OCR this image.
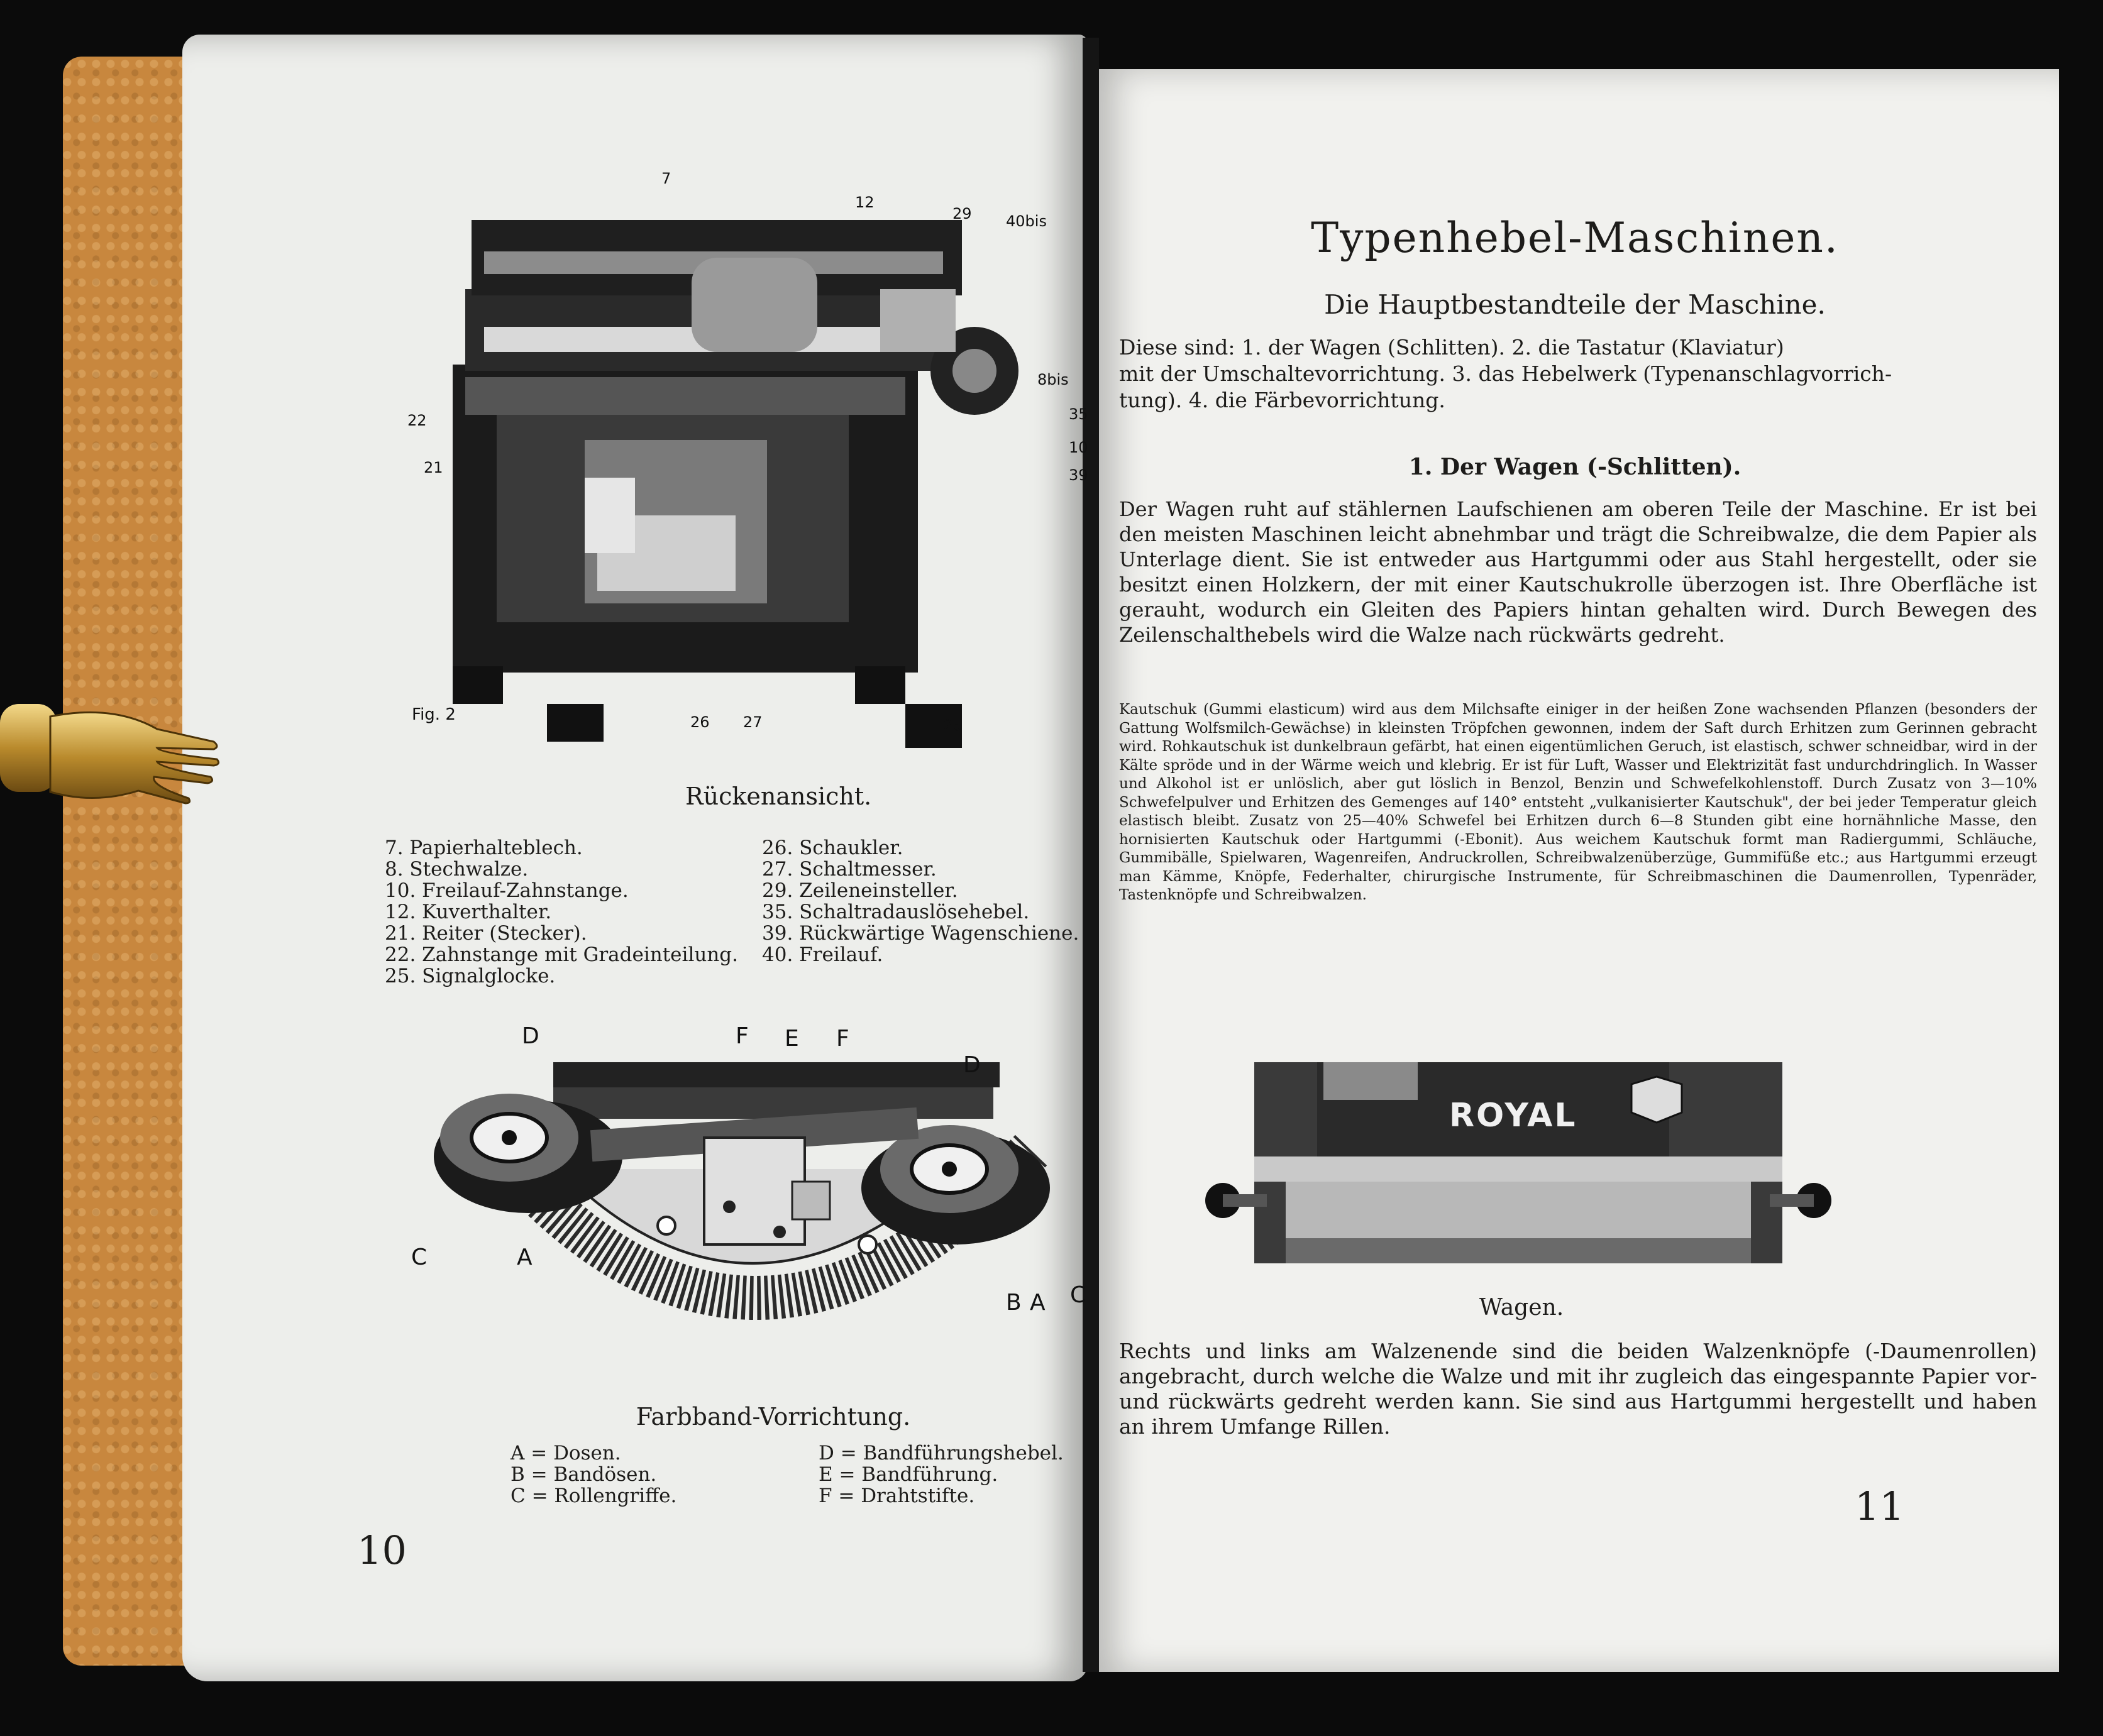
7
12
29 40bis
8bis
35
10
39
22
21
26 27	25
Fig. 2
Rückenansicht.
7. Papierhalteblech.
8. Stechwalze.
10. Freilauf-Zahnstange.
12. Kuverthalter.
21. Reiter (Stecker).
22. Zahnstange mit Gradeinteilung.
25. Signalglocke.
26. Schaukler.
27. Schaltmesser.
29. Zeileneinsteller.
35. Schaltradauslösehebel.
39. Rückwärtige Wagenschiene.
40. Freilauf.
D	F E F
D
C	A
B A C
Farbband-Vorrichtung.
A = Dosen.
B = Bandösen.
C = Rollengriffe.
D = Bandführungshebel.
E = Bandführung.
F = Drahtstifte.
10
Typenhebel-Maschinen.
Die Hauptbestandteile der Maschine.
Diese sind: 1. der Wagen (Schlitten). 2. die Tastatur (Klaviatur)
mit der Umschaltevorrichtung. 3. das Hebelwerk (Typenanschlagvorrich-
tung). 4. die Färbevorrichtung.
1. Der Wagen (-Schlitten).
Der Wagen ruht auf stählernen Laufschienen am oberen Teile der Maschine. Er ist bei den meisten Maschinen leicht abnehmbar und trägt die Schreibwalze, die dem Papier als Unterlage dient. Sie ist entweder aus Hartgummi oder aus Stahl hergestellt, oder sie besitzt einen Holzkern, der mit einer Kautschukrolle überzogen ist. Ihre Oberfläche ist gerauht, wodurch ein Gleiten des Papiers hintan gehalten wird. Durch Bewegen des Zeilenschalthebels wird die Walze nach rückwärts gedreht.
Kautschuk (Gummi elasticum) wird aus dem Milchsafte einiger in der heißen Zone wachsenden Pflanzen (besonders der Gattung Wolfsmilch-Gewächse) in kleinsten Tröpfchen gewonnen, indem der Saft durch Erhitzen zum Gerinnen gebracht wird. Rohkautschuk ist dunkelbraun gefärbt, hat einen eigentümlichen Geruch, ist elastisch, schwer schneidbar, wird in der Kälte spröde und in der Wärme weich und klebrig. Er ist für Luft, Wasser und Elektrizität fast undurchdringlich. In Wasser und Alkohol ist er unlöslich, aber gut löslich in Benzol, Benzin und Schwefelkohlenstoff. Durch Zusatz von 3—10% Schwefelpulver und Erhitzen des Gemenges auf 140° entsteht „vulkanisierter Kautschuk", der bei jeder Temperatur gleich elastisch bleibt. Zusatz von 25—40% Schwefel bei Erhitzen durch 6—8 Stunden gibt eine hornähnliche Masse, den hornisierten Kautschuk oder Hartgummi (-Ebonit). Aus weichem Kautschuk formt man Radiergummi, Schläuche, Gummibälle, Spielwaren, Wagenreifen, Andruckrollen, Schreibwalzenüberzüge, Gummifüße etc.; aus Hartgummi erzeugt man Kämme, Knöpfe, Federhalter, chirurgische Instrumente, für Schreibmaschinen die Daumenrollen, Typenräder, Tastenknöpfe und Schreibwalzen.
ROYAL
Wagen.
Rechts und links am Walzenende sind die beiden Walzenknöpfe (-Daumenrollen) angebracht, durch welche die Walze und mit ihr zugleich das eingespannte Papier vor- und rückwärts gedreht werden kann. Sie sind aus Hartgummi hergestellt und haben an ihrem Umfange Rillen.
11
